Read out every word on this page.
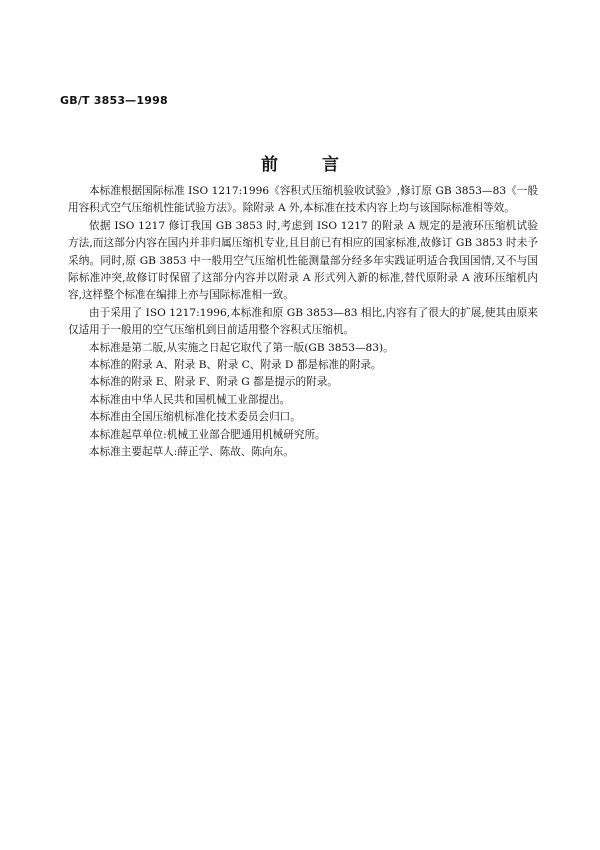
GB/T 3853—1998
前言

本标准根据国际标准 ISO 1217:1996《容积式压缩机验收试验》,修订原 GB 3853—83《一般用容积式空气压缩机性能试验方法》。除附录 A 外,本标准在技术内容上均与该国际标准相等效。

依据 ISO 1217 修订我国 GB 3853 时,考虑到 ISO 1217 的附录 A 规定的是液环压缩机试验方法,而这部分内容在国内并非归属压缩机专业,且目前已有相应的国家标准,故修订 GB 3853 时未予采纳。同时,原 GB 3853 中一般用空气压缩机性能测量部分经多年实践证明适合我国国情,又不与国际标准冲突,故修订时保留了这部分内容并以附录 A 形式列入新的标准,替代原附录 A 液环压缩机内容,这样整个标准在编排上亦与国际标准相一致。

由于采用了 ISO 1217:1996,本标准和原 GB 3853—83 相比,内容有了很大的扩展,使其由原来仅适用于一般用的空气压缩机到目前适用整个容积式压缩机。

本标准是第二版,从实施之日起它取代了第一版(GB 3853—83)。

本标准的附录 A、附录 B、附录 C、附录 D 都是标准的附录。

本标准的附录 E、附录 F、附录 G 都是提示的附录。

本标准由中华人民共和国机械工业部提出。

本标准由全国压缩机标准化技术委员会归口。

本标准起草单位:机械工业部合肥通用机械研究所。

本标准主要起草人:薛正学、陈故、陈向东。
